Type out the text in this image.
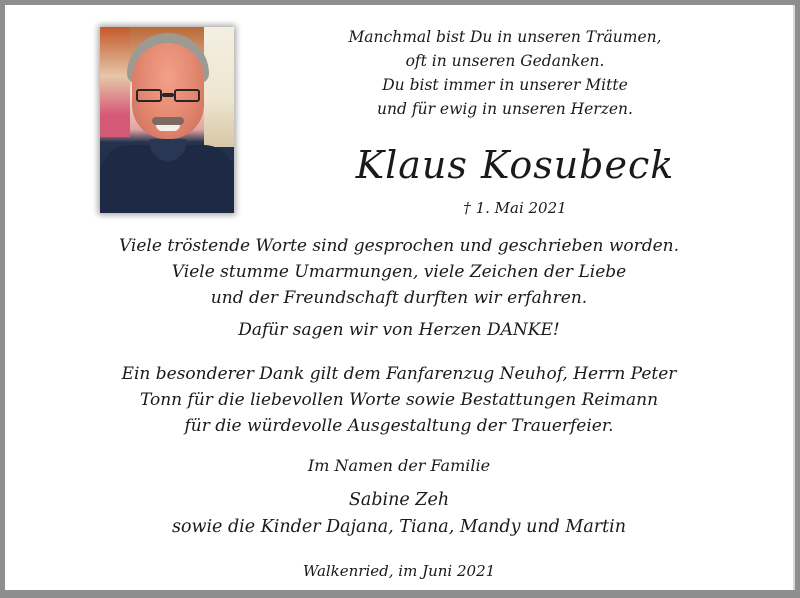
Manchmal bist Du in unseren Träumen,
oft in unseren Gedanken.
Du bist immer in unserer Mitte
und für ewig in unseren Herzen.
Klaus Kosubeck
† 1. Mai 2021
Viele tröstende Worte sind gesprochen und geschrieben worden.
Viele stumme Umarmungen, viele Zeichen der Liebe
und der Freundschaft durften wir erfahren.
Dafür sagen wir von Herzen DANKE!
Ein besonderer Dank gilt dem Fanfarenzug Neuhof, Herrn Peter
Tonn für die liebevollen Worte sowie Bestattungen Reimann
für die würdevolle Ausgestaltung der Trauerfeier.
Im Namen der Familie
Sabine Zeh
sowie die Kinder Dajana, Tiana, Mandy und Martin
Walkenried, im Juni 2021
